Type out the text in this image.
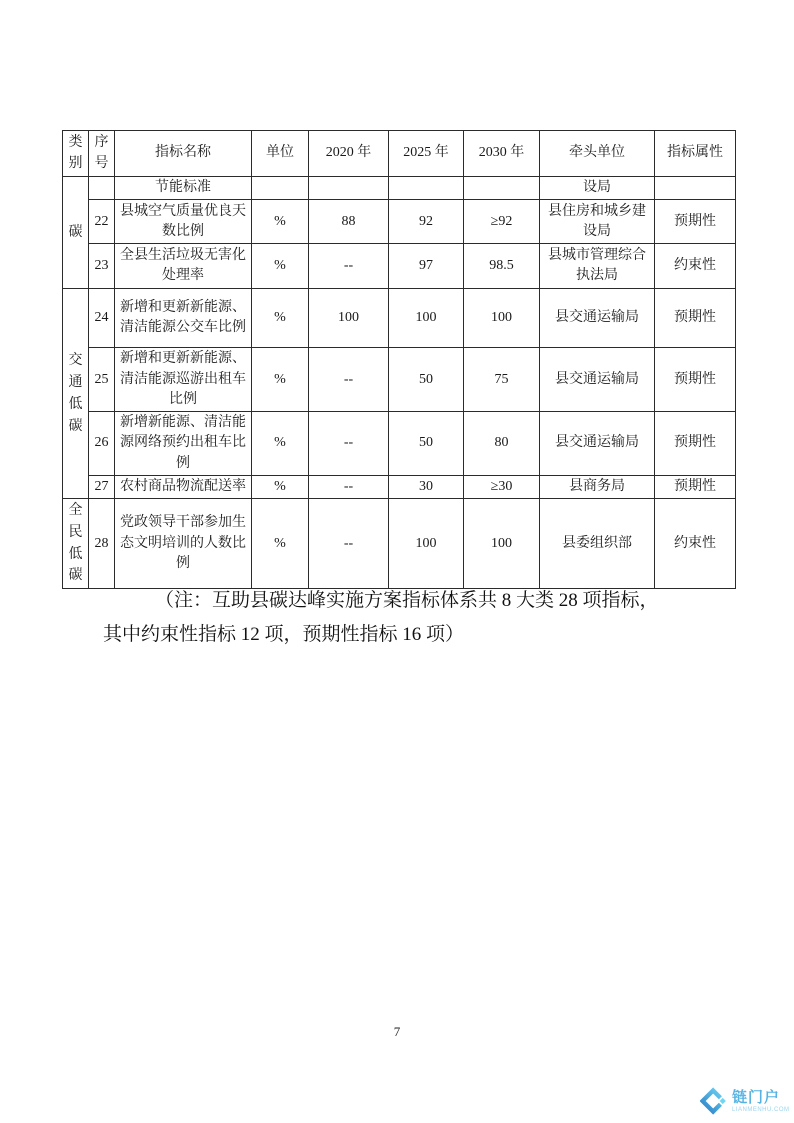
类别	序号	指标名称	单位	2020 年	2025 年	2030 年	牵头单位	指标属性
碳		节能标准					设局	
	22	县城空气质量优良天数比例	%	88	92	≥92	县住房和城乡建设局	预期性
	23	全县生活垃圾无害化处理率	%	--	97	98.5	县城市管理综合执法局	约束性
交通低碳	24	新增和更新新能源、清洁能源公交车比例	%	100	100	100	县交通运输局	预期性
	25	新增和更新新能源、清洁能源巡游出租车比例	%	--	50	75	县交通运输局	预期性
	26	新增新能源、清洁能源网络预约出租车比例	%	--	50	80	县交通运输局	预期性
	27	农村商品物流配送率	%	--	30	≥30	县商务局	预期性
全民低碳	28	党政领导干部参加生态文明培训的人数比例	%	--	100	100	县委组织部	约束性
（注：互助县碳达峰实施方案指标体系共 8 大类 28 项指标，
其中约束性指标 12 项，预期性指标 16 项）
7
链门户
LIANMENHU.COM
